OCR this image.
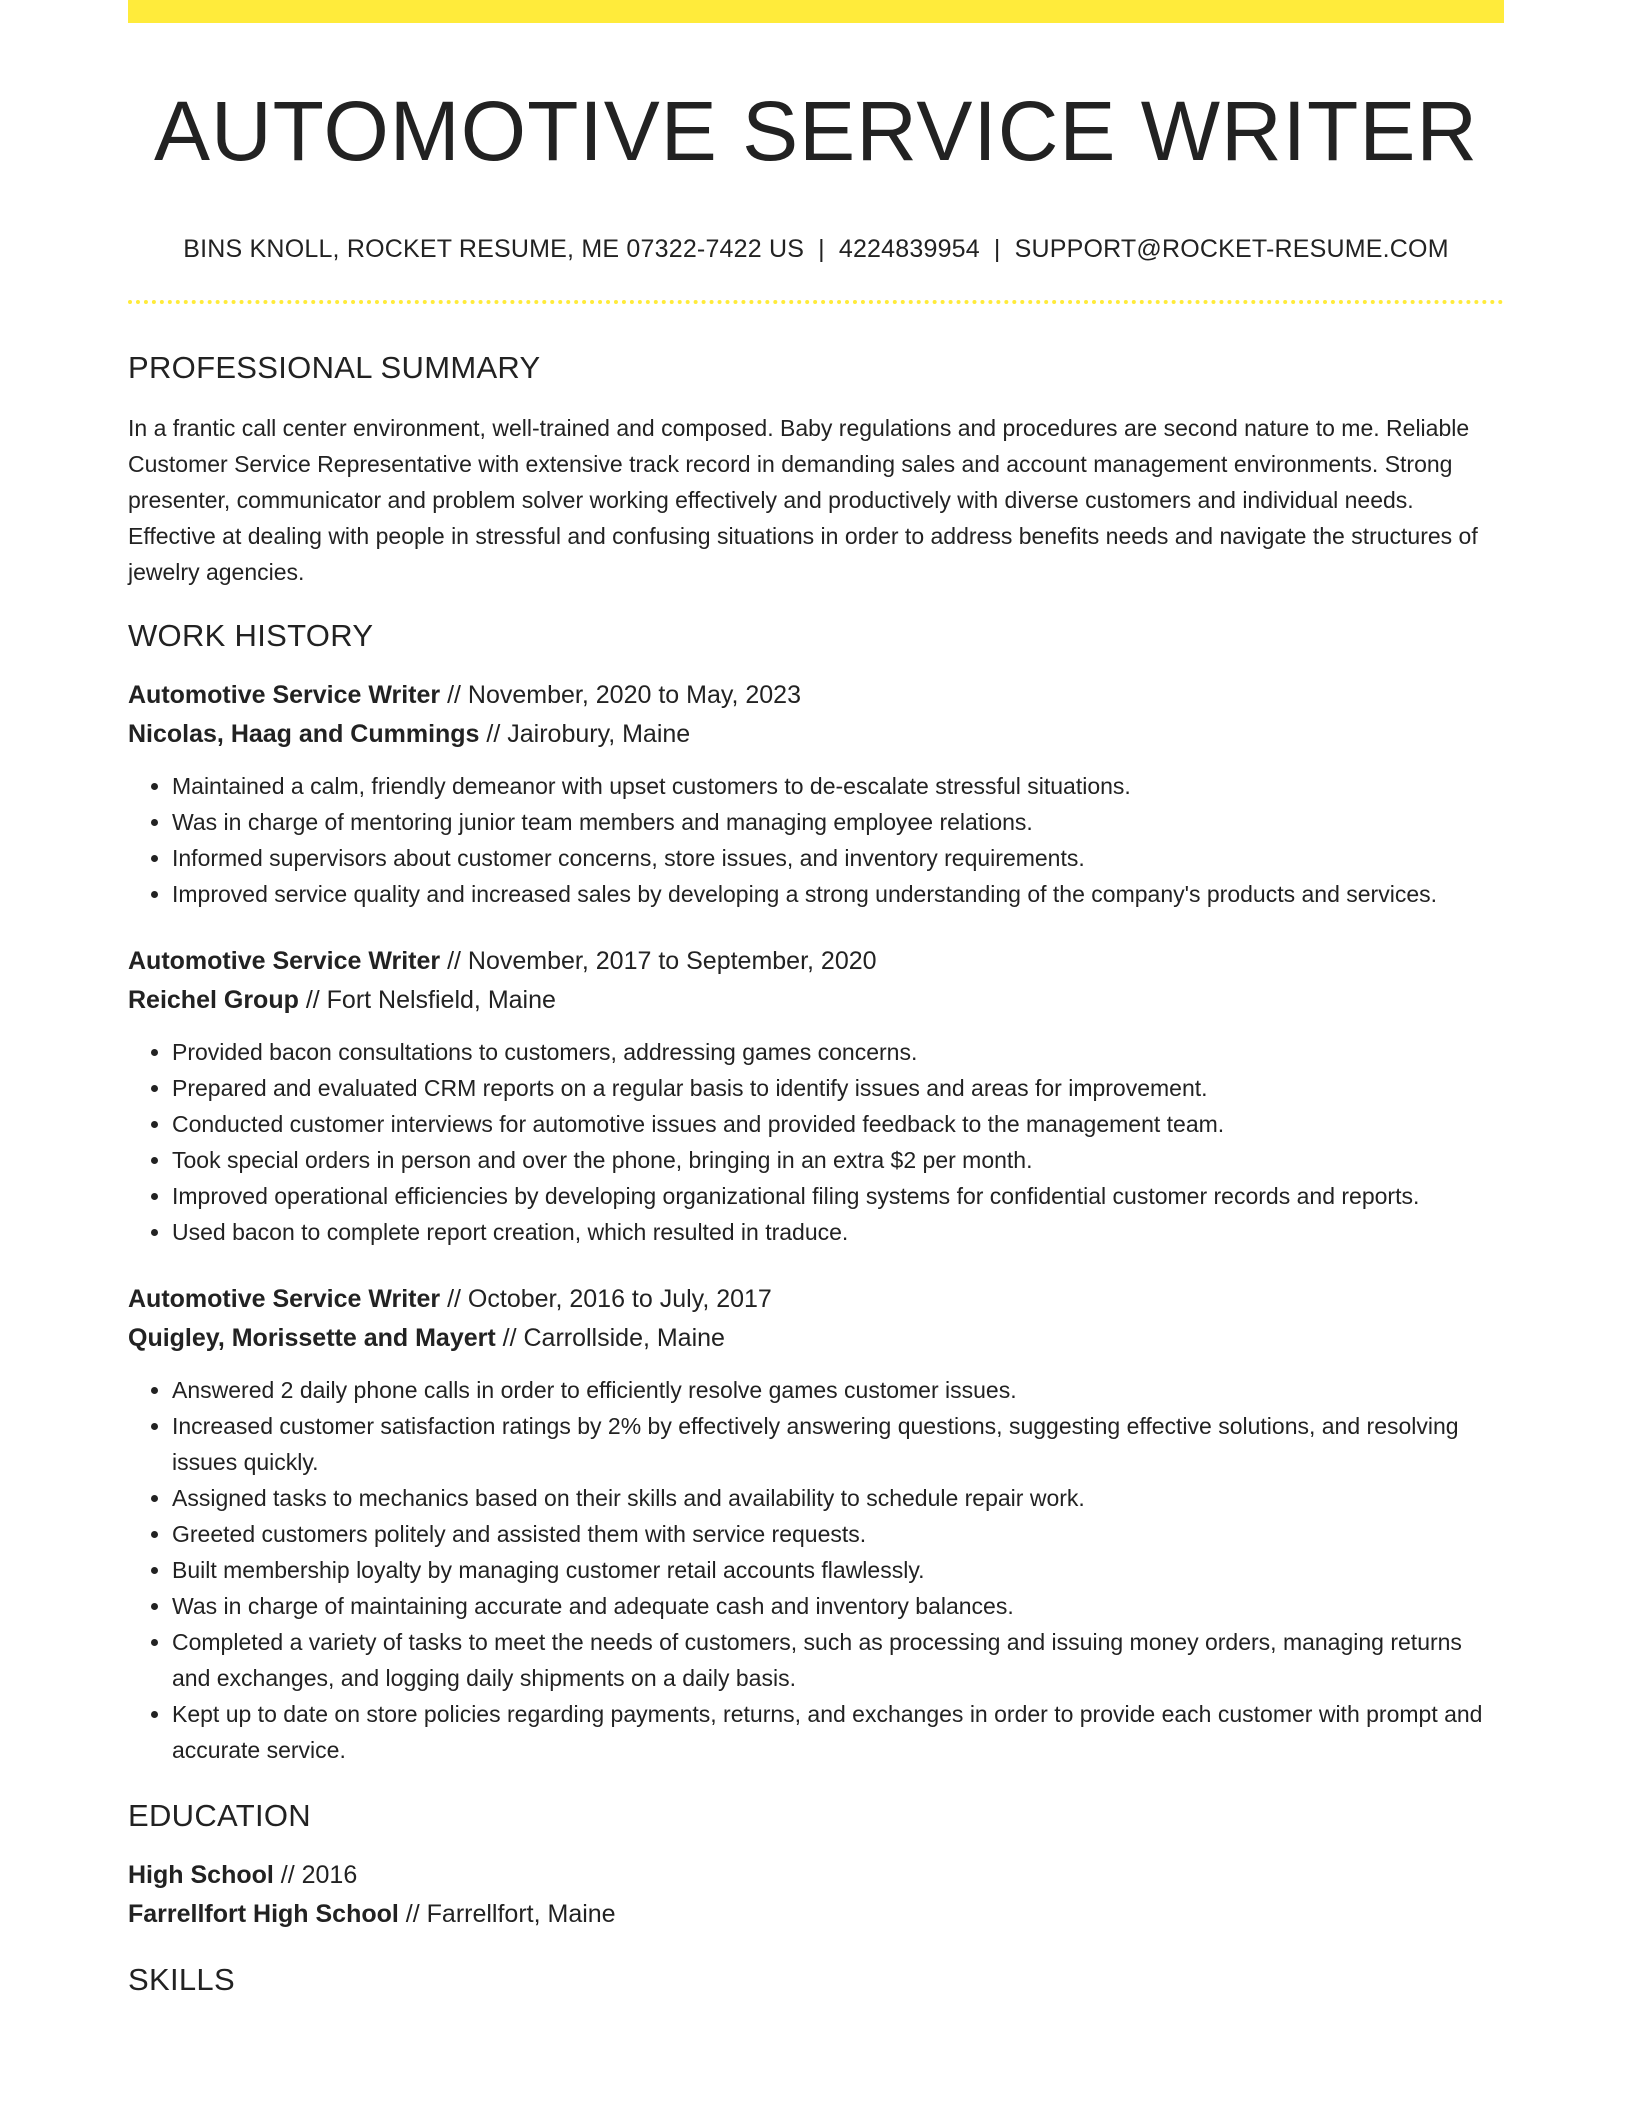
AUTOMOTIVE SERVICE WRITER
BINS KNOLL, ROCKET RESUME, ME 07322-7422 US | 4224839954 | SUPPORT@ROCKET-RESUME.COM
PROFESSIONAL SUMMARY
In a frantic call center environment, well-trained and composed. Baby regulations and procedures are second nature to me. Reliable Customer Service Representative with extensive track record in demanding sales and account management environments. Strong presenter, communicator and problem solver working effectively and productively with diverse customers and individual needs. Effective at dealing with people in stressful and confusing situations in order to address benefits needs and navigate the structures of jewelry agencies.
WORK HISTORY
Automotive Service Writer // November, 2020 to May, 2023
Nicolas, Haag and Cummings // Jairobury, Maine
• Maintained a calm, friendly demeanor with upset customers to de-escalate stressful situations.
• Was in charge of mentoring junior team members and managing employee relations.
• Informed supervisors about customer concerns, store issues, and inventory requirements.
• Improved service quality and increased sales by developing a strong understanding of the company's products and services.
Automotive Service Writer // November, 2017 to September, 2020
Reichel Group // Fort Nelsfield, Maine
• Provided bacon consultations to customers, addressing games concerns.
• Prepared and evaluated CRM reports on a regular basis to identify issues and areas for improvement.
• Conducted customer interviews for automotive issues and provided feedback to the management team.
• Took special orders in person and over the phone, bringing in an extra $2 per month.
• Improved operational efficiencies by developing organizational filing systems for confidential customer records and reports.
• Used bacon to complete report creation, which resulted in traduce.
Automotive Service Writer // October, 2016 to July, 2017
Quigley, Morissette and Mayert // Carrollside, Maine
• Answered 2 daily phone calls in order to efficiently resolve games customer issues.
• Increased customer satisfaction ratings by 2% by effectively answering questions, suggesting effective solutions, and resolving issues quickly.
• Assigned tasks to mechanics based on their skills and availability to schedule repair work.
• Greeted customers politely and assisted them with service requests.
• Built membership loyalty by managing customer retail accounts flawlessly.
• Was in charge of maintaining accurate and adequate cash and inventory balances.
• Completed a variety of tasks to meet the needs of customers, such as processing and issuing money orders, managing returns and exchanges, and logging daily shipments on a daily basis.
• Kept up to date on store policies regarding payments, returns, and exchanges in order to provide each customer with prompt and accurate service.
EDUCATION
High School // 2016
Farrellfort High School // Farrellfort, Maine
SKILLS
